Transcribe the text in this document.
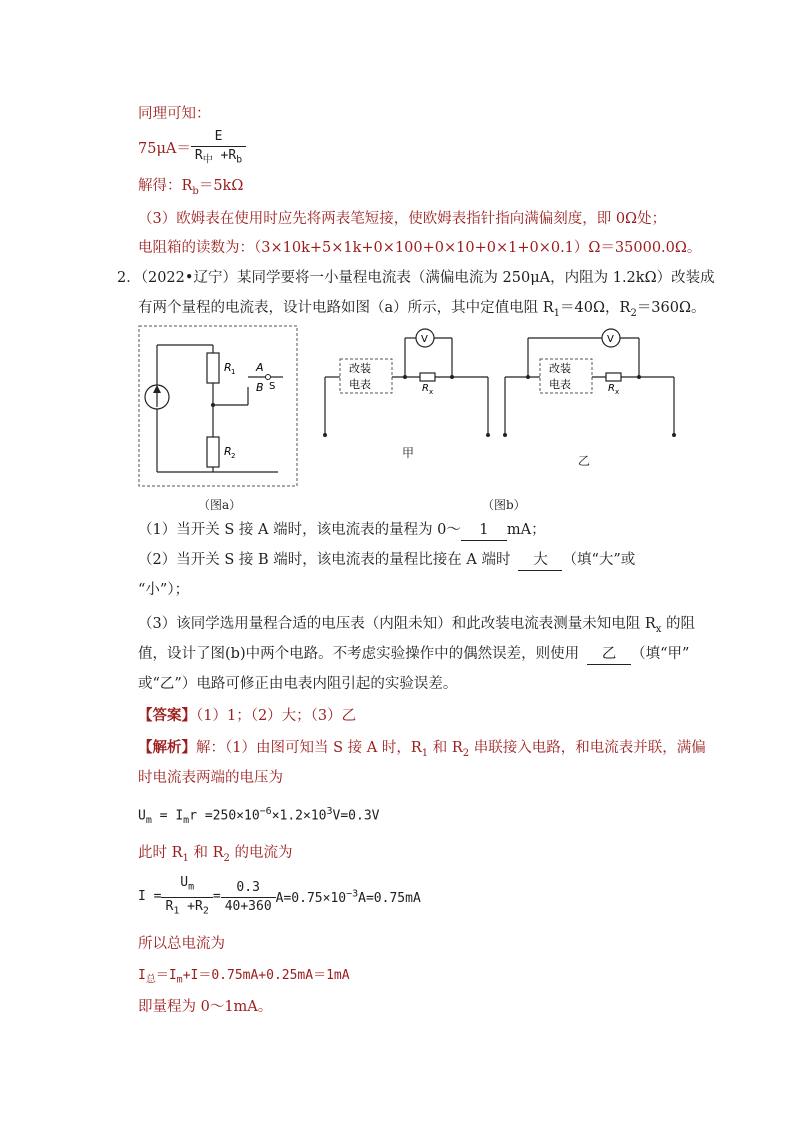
同理可知：
$75\mu A= \frac{E}{R_中 +R_b}$
解得：$R_b=5k\Omega$
（3）欧姆表在使用时应先将两表笔短接，使欧姆表指针指向满偏刻度，即 0Ω处；
电阻箱的读数为：（3×10k+5×1k+0×100+0×10+0×1+0×0.1）Ω＝35000.0Ω。
2．（2022•辽宁）某同学要将一小量程电流表（满偏电流为 250μA，内阻为 1.2kΩ）改装成
有两个量程的电流表，设计电路如图（a）所示，其中定值电阻 $R_1=40\Omega$，$R_2=360\Omega$。
R 1
R 2
A
B S
（图a）
改装
电表	R x
V
甲
V
改装
电表	R x
乙
（图b）
（1）当开关 S 接 A 端时，该电流表的量程为 0～ 1 mA；
（2）当开关 S 接 B 端时，该电流表的量程比接在 A 端时 大 （填“大”或
“小”）；
（3）该同学选用量程合适的电压表（内阻未知）和此改装电流表测量未知电阻 $R_x$ 的阻
值，设计了图(b)中两个电路。不考虑实验操作中的偶然误差，则使用 乙 （填“甲”
或“乙”）电路可修正由电表内阻引起的实验误差。
【答案】（1）1；（2）大；（3）乙
【解析】解：（1）由图可知当 S 接 A 时，$R_1$ 和 $R_2$ 串联接入电路，和电流表并联，满偏
时电流表两端的电压为
$U_m = I_mr =250\times 10^{-6}\times 1.2\times 10^3V=0.3V$
此时 $R_1$ 和 $R_2$ 的电流为
$I = \frac{U_m}{R_1 +R_2} = \frac{0.3}{40+360} A=0.75\times 10^{-3}A=0.75mA$
所以总电流为
$I_总=I_m+I=0.75mA+0.25mA=1mA$
即量程为 0～1mA。
